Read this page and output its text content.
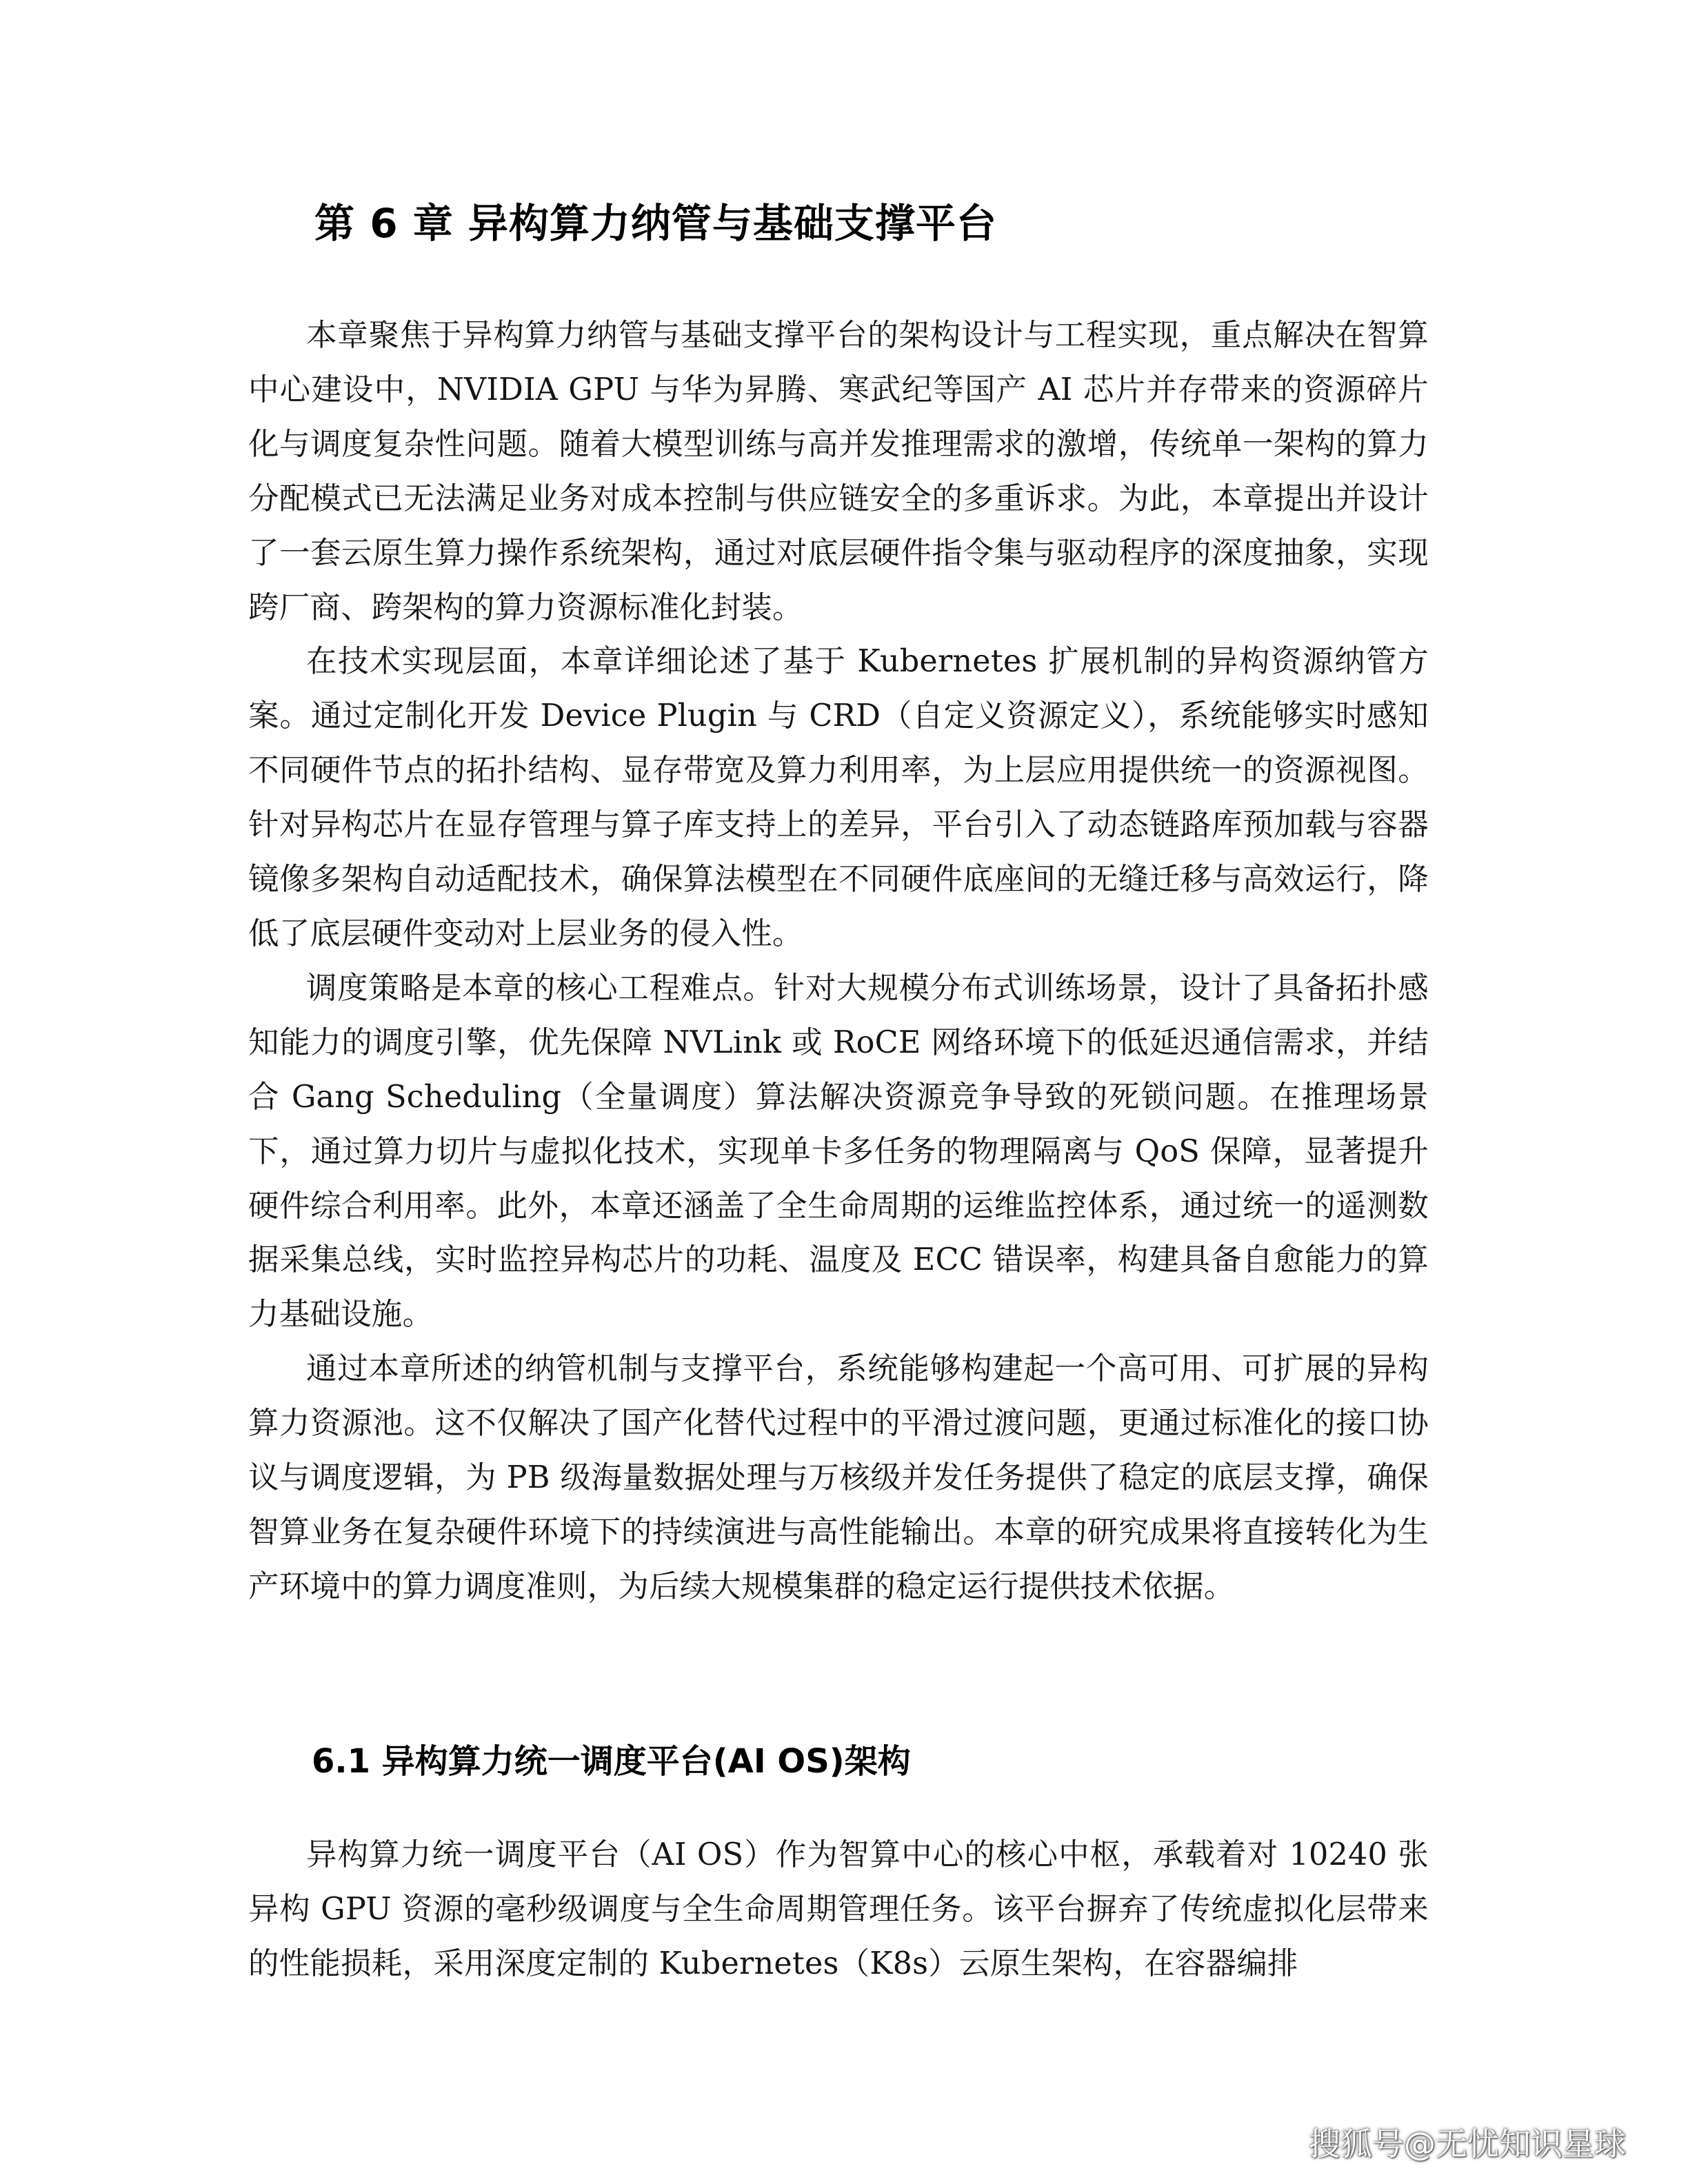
第 6 章 异构算力纳管与基础支撑平台

本章聚焦于异构算力纳管与基础支撑平台的架构设计与工程实现，重点解决在智算中心建设中，NVIDIA GPU 与华为昇腾、寒武纪等国产 AI 芯片并存带来的资源碎片化与调度复杂性问题。随着大模型训练与高并发推理需求的激增，传统单一架构的算力分配模式已无法满足业务对成本控制与供应链安全的多重诉求。为此，本章提出并设计了一套云原生算力操作系统架构，通过对底层硬件指令集与驱动程序的深度抽象，实现跨厂商、跨架构的算力资源标准化封装。

在技术实现层面，本章详细论述了基于 Kubernetes 扩展机制的异构资源纳管方案。通过定制化开发 Device Plugin 与 CRD（自定义资源定义），系统能够实时感知不同硬件节点的拓扑结构、显存带宽及算力利用率，为上层应用提供统一的资源视图。针对异构芯片在显存管理与算子库支持上的差异，平台引入了动态链路库预加载与容器镜像多架构自动适配技术，确保算法模型在不同硬件底座间的无缝迁移与高效运行，降低了底层硬件变动对上层业务的侵入性。

调度策略是本章的核心工程难点。针对大规模分布式训练场景，设计了具备拓扑感知能力的调度引擎，优先保障 NVLink 或 RoCE 网络环境下的低延迟通信需求，并结合 Gang Scheduling（全量调度）算法解决资源竞争导致的死锁问题。在推理场景下，通过算力切片与虚拟化技术，实现单卡多任务的物理隔离与 QoS 保障，显著提升硬件综合利用率。此外，本章还涵盖了全生命周期的运维监控体系，通过统一的遥测数据采集总线，实时监控异构芯片的功耗、温度及 ECC 错误率，构建具备自愈能力的算力基础设施。

通过本章所述的纳管机制与支撑平台，系统能够构建起一个高可用、可扩展的异构算力资源池。这不仅解决了国产化替代过程中的平滑过渡问题，更通过标准化的接口协议与调度逻辑，为 PB 级海量数据处理与万核级并发任务提供了稳定的底层支撑，确保智算业务在复杂硬件环境下的持续演进与高性能输出。本章的研究成果将直接转化为生产环境中的算力调度准则，为后续大规模集群的稳定运行提供技术依据。

6.1 异构算力统一调度平台(AI OS)架构

异构算力统一调度平台（AI OS）作为智算中心的核心中枢，承载着对 10240 张异构 GPU 资源的毫秒级调度与全生命周期管理任务。该平台摒弃了传统虚拟化层带来的性能损耗，采用深度定制的 Kubernetes（K8s）云原生架构，在容器编排

搜狐号@无忧知识星球
